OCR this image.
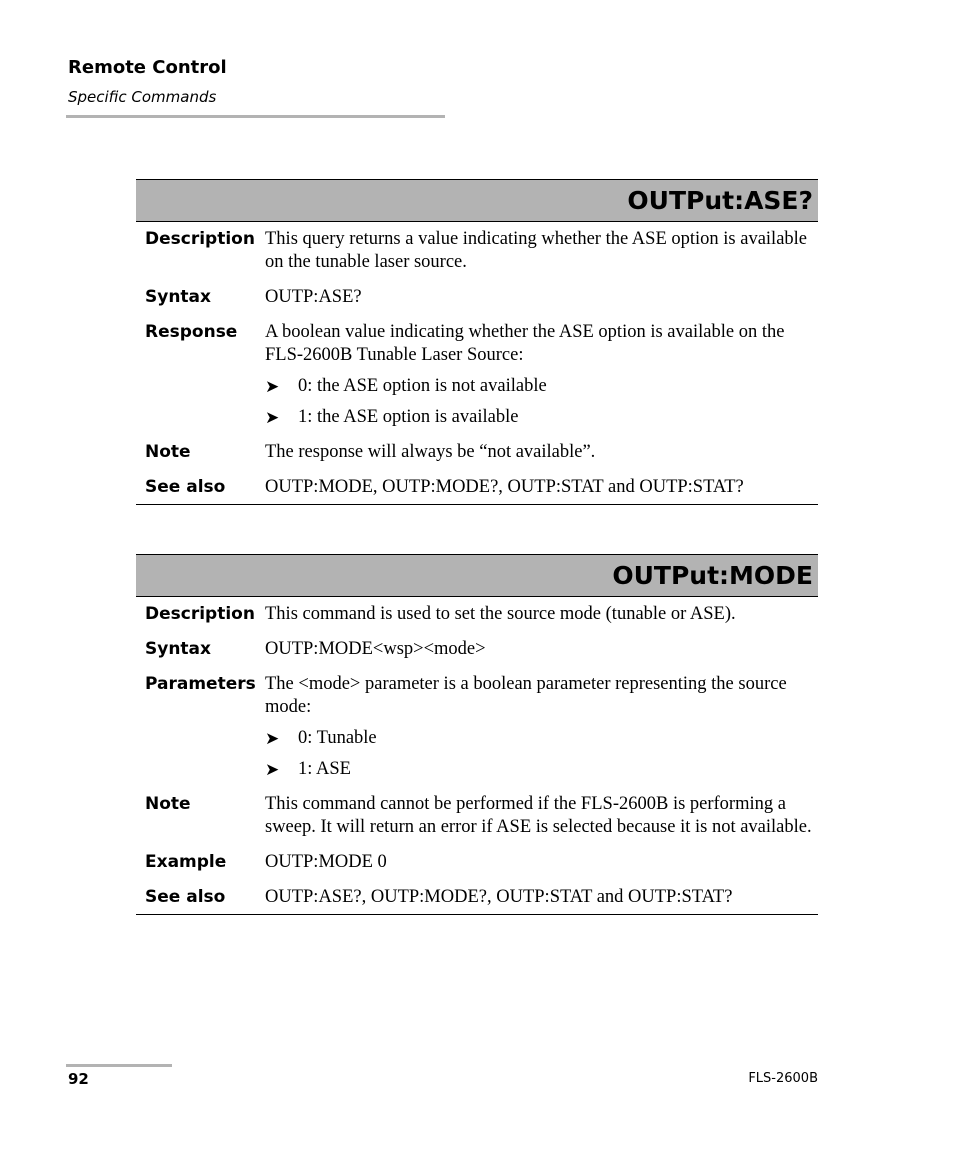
Remote Control
Specific Commands
OUTPut:ASE?
Description This query returns a value indicating whether the ASE option is available on the tunable laser source.
Syntax	OUTP:ASE?
Response	A boolean value indicating whether the ASE option is available on the FLS-2600B Tunable Laser Source:
➤	0: the ASE option is not available
➤	1: the ASE option is available
Note	The response will always be “not available”.
See also	OUTP:MODE, OUTP:MODE?, OUTP:STAT and OUTP:STAT?
OUTPut:MODE
Description This command is used to set the source mode (tunable or ASE).
Syntax	OUTP:MODE<wsp><mode>
Parameters The <mode> parameter is a boolean parameter representing the source mode:
➤	0: Tunable
➤	1: ASE
Note	This command cannot be performed if the FLS-2600B is performing a sweep. It will return an error if ASE is selected because it is not available.
Example	OUTP:MODE 0
See also	OUTP:ASE?, OUTP:MODE?, OUTP:STAT and OUTP:STAT?
92	FLS-2600B
